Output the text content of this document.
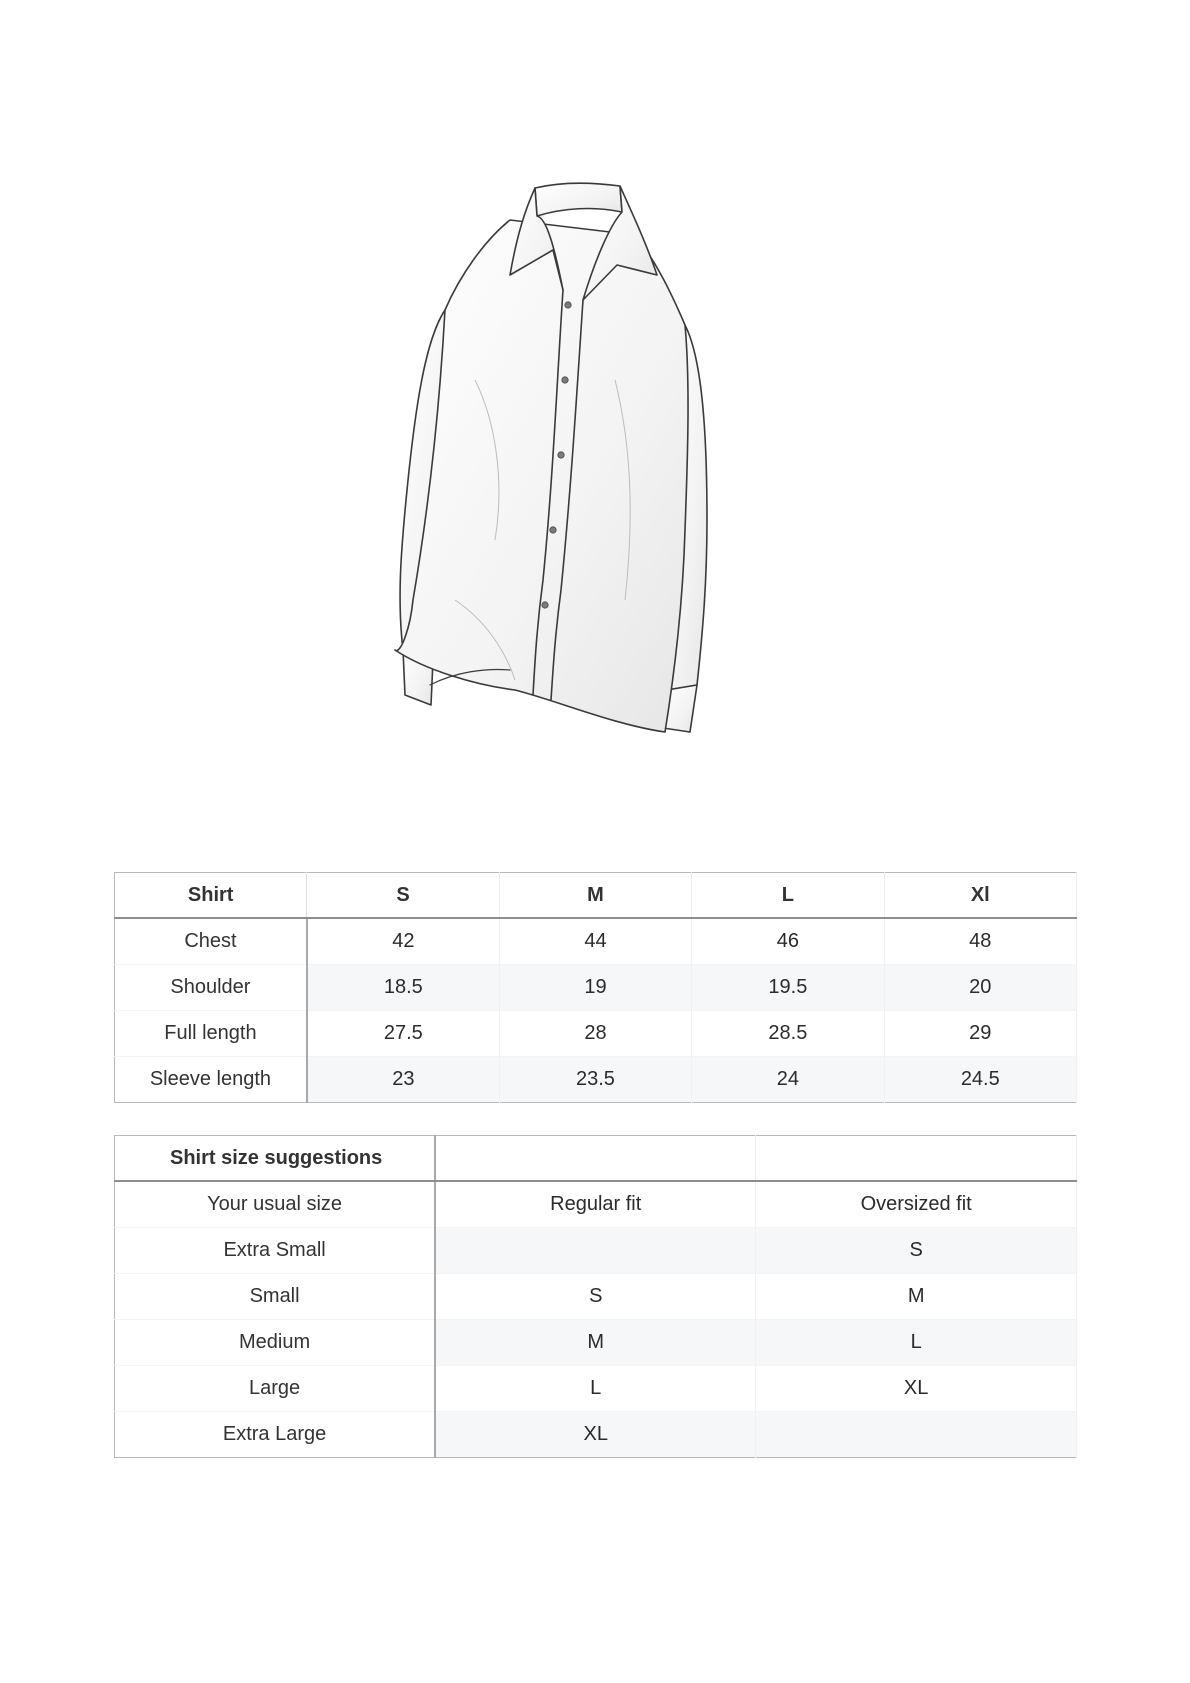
Shirt	S	M	L	Xl
Chest	42	44	46	48
Shoulder	18.5	19	19.5	20
Full length	27.5	28	28.5	29
Sleeve length	23	23.5	24	24.5
Shirt size suggestions		
Your usual size	Regular fit	Oversized fit
Extra Small		S
Small	S	M
Medium	M	L
Large	L	XL
Extra Large	XL	
